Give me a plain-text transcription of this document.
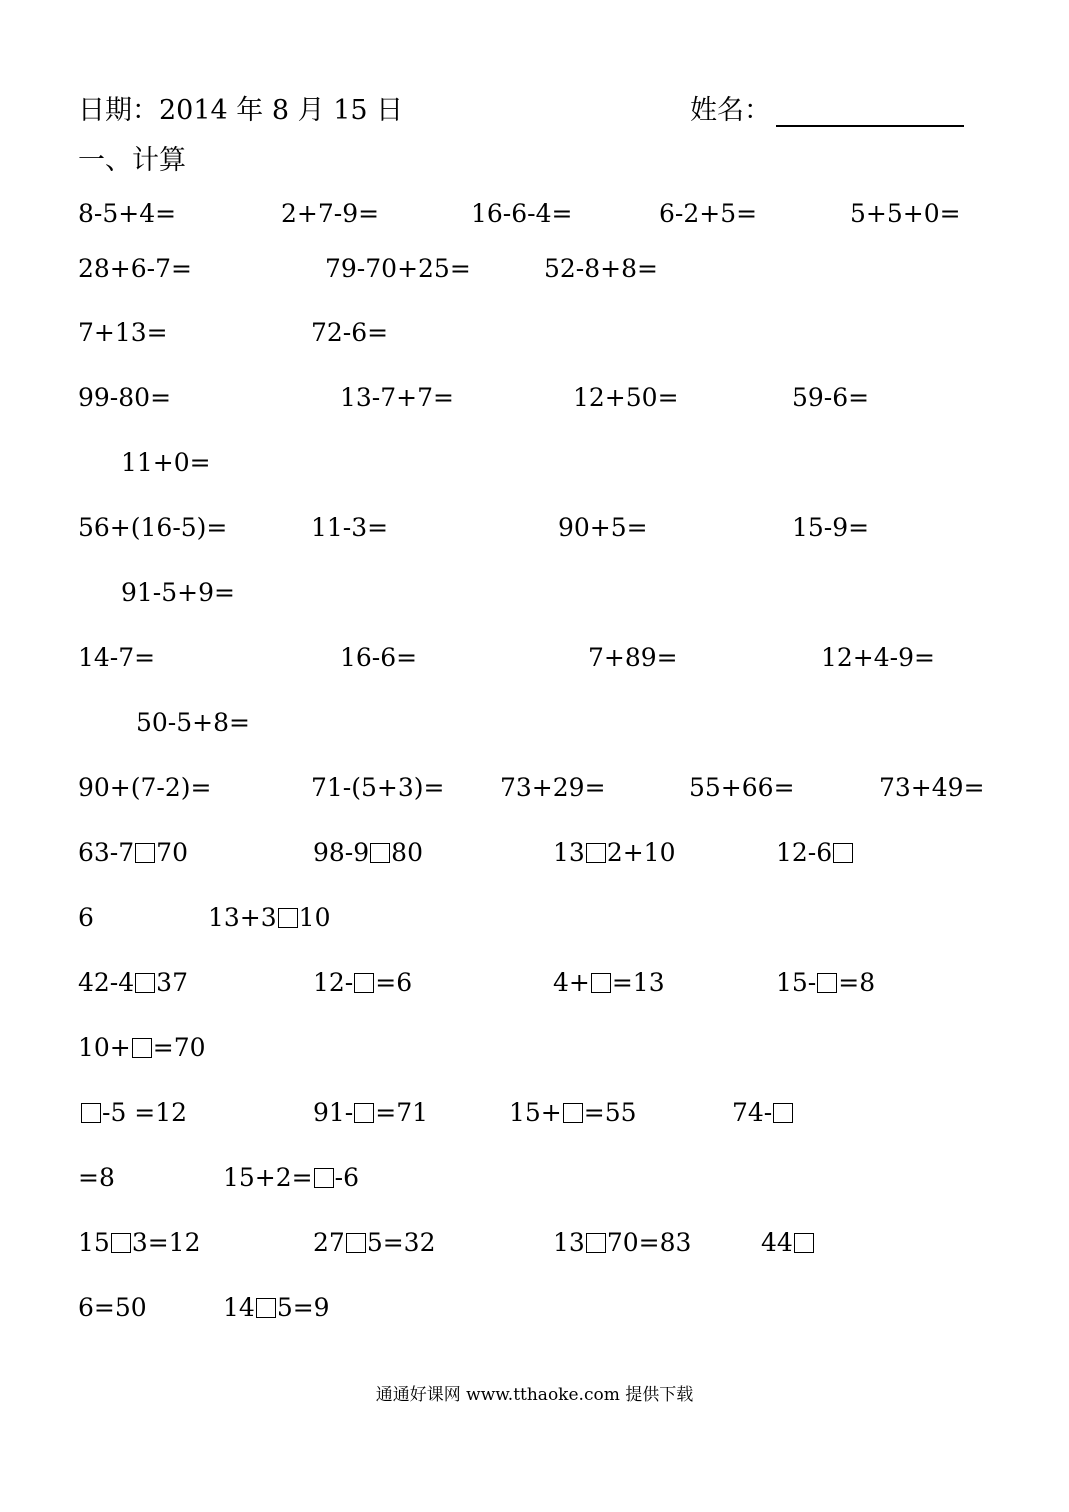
日期：2014 年 8 月 15 日	姓名：
一、计算
8-5+4=	2+7-9=	16-6-4=	6-2+5=	5+5+0=
28+6-7=	79-70+25=	52-8+8=
7+13=	72-6=
99-80=	13-7+7=	12+50=	59-6=
11+0=
56+(16-5)=	11-3=	90+5=	15-9=
91-5+9=
14-7=	16-6=	7+89=	12+4-9=
50-5+8=
90+(7-2)=	71-(5+3)= 73+29=	55+66=	73+49=
63-7 70	98-9 80	13 2+10	12-6
6	13+3 10
42-4 37	12- =6	4+ =13	15- =8
10+ =70
-5 =12	91- =71	15+ =55	74-
=8	15+2= -6
15 3=12	27 5=32	13 70=83	44
6=50	14 5=9
通通好课网 www.tthaoke.com 提供下载
